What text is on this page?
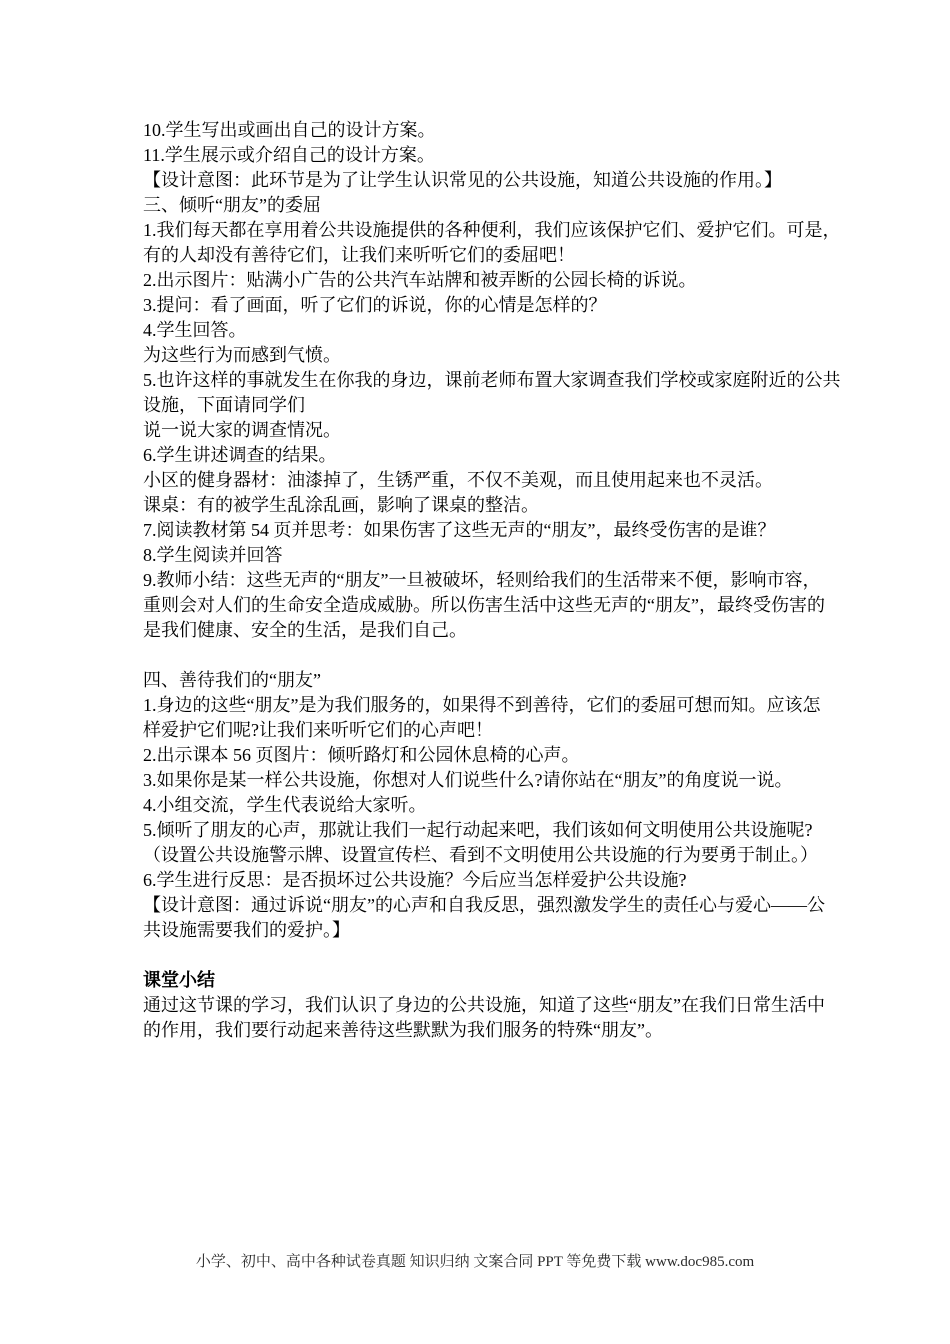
10.学生写出或画出自己的设计方案。
11.学生展示或介绍自己的设计方案。
【设计意图：此环节是为了让学生认识常见的公共设施，知道公共设施的作用。】
三、倾听“朋友”的委屈
1.我们每天都在享用着公共设施提供的各种便利，我们应该保护它们、爱护它们。可是，
有的人却没有善待它们，让我们来听听它们的委屈吧！
2.出示图片：贴满小广告的公共汽车站牌和被弄断的公园长椅的诉说。
3.提问：看了画面，听了它们的诉说，你的心情是怎样的？
4.学生回答。
为这些行为而感到气愤。
5.也许这样的事就发生在你我的身边，课前老师布置大家调查我们学校或家庭附近的公共
设施，下面请同学们
说一说大家的调查情况。
6.学生讲述调查的结果。
小区的健身器材：油漆掉了，生锈严重，不仅不美观，而且使用起来也不灵活。
课桌：有的被学生乱涂乱画，影响了课桌的整洁。
7.阅读教材第 54 页并思考：如果伤害了这些无声的“朋友”，最终受伤害的是谁？
8.学生阅读并回答
9.教师小结：这些无声的“朋友”一旦被破坏，轻则给我们的生活带来不便，影响市容，
重则会对人们的生命安全造成威胁。所以伤害生活中这些无声的“朋友”，最终受伤害的
是我们健康、安全的生活，是我们自己。
四、善待我们的“朋友”
1.身边的这些“朋友”是为我们服务的，如果得不到善待，它们的委屈可想而知。应该怎
样爱护它们呢?让我们来听听它们的心声吧！
2.出示课本 56 页图片：倾听路灯和公园休息椅的心声。
3.如果你是某一样公共设施，你想对人们说些什么?请你站在“朋友”的角度说一说。
4.小组交流，学生代表说给大家听。
5.倾听了朋友的心声，那就让我们一起行动起来吧，我们该如何文明使用公共设施呢?
（设置公共设施警示牌、设置宣传栏、看到不文明使用公共设施的行为要勇于制止。）
6.学生进行反思：是否损坏过公共设施？今后应当怎样爱护公共设施?
【设计意图：通过诉说“朋友”的心声和自我反思，强烈激发学生的责任心与爱心——公
共设施需要我们的爱护。】
课堂小结
通过这节课的学习，我们认识了身边的公共设施，知道了这些“朋友”在我们日常生活中
的作用，我们要行动起来善待这些默默为我们服务的特殊“朋友”。
小学、初中、高中各种试卷真题 知识归纳 文案合同 PPT 等免费下载 www.doc985.com
